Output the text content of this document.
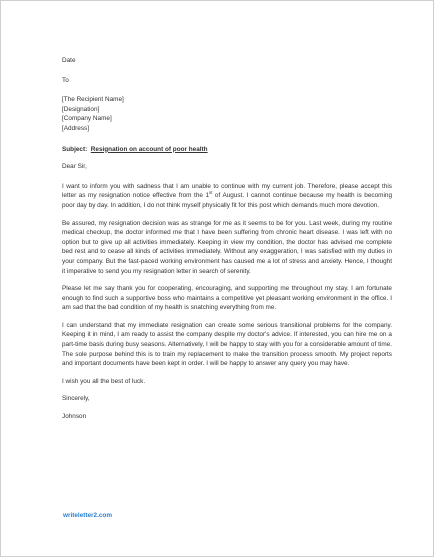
Date

To

[The Recipient Name]

[Designation]

[Company Name]

[Address]

Subject: Resignation on account of poor health

Dear Sir,

I want to inform you with sadness that I am unable to continue with my current job. Therefore, please accept this letter as my resignation notice effective from the 1st of August. I cannot continue because my health is becoming poor day by day. In addition, I do not think myself physically fit for this post which demands much more devotion.

Be assured, my resignation decision was as strange for me as it seems to be for you. Last week, during my routine medical checkup, the doctor informed me that I have been suffering from chronic heart disease. I was left with no option but to give up all activities immediately. Keeping in view my condition, the doctor has advised me complete bed rest and to cease all kinds of activities immediately. Without any exaggeration, I was satisfied with my duties in your company. But the fast-paced working environment has caused me a lot of stress and anxiety. Hence, I thought it imperative to send you my resignation letter in search of serenity.

Please let me say thank you for cooperating, encouraging, and supporting me throughout my stay. I am fortunate enough to find such a supportive boss who maintains a competitive yet pleasant working environment in the office. I am sad that the bad condition of my health is snatching everything from me.

I can understand that my immediate resignation can create some serious transitional problems for the company. Keeping it in mind, I am ready to assist the company despite my doctor's advice. If interested, you can hire me on a part-time basis during busy seasons. Alternatively, I will be happy to stay with you for a considerable amount of time. The sole purpose behind this is to train my replacement to make the transition process smooth. My project reports and important documents have been kept in order. I will be happy to answer any query you may have.

I wish you all the best of luck.

Sincerely,

Johnson

writeletter2.com
